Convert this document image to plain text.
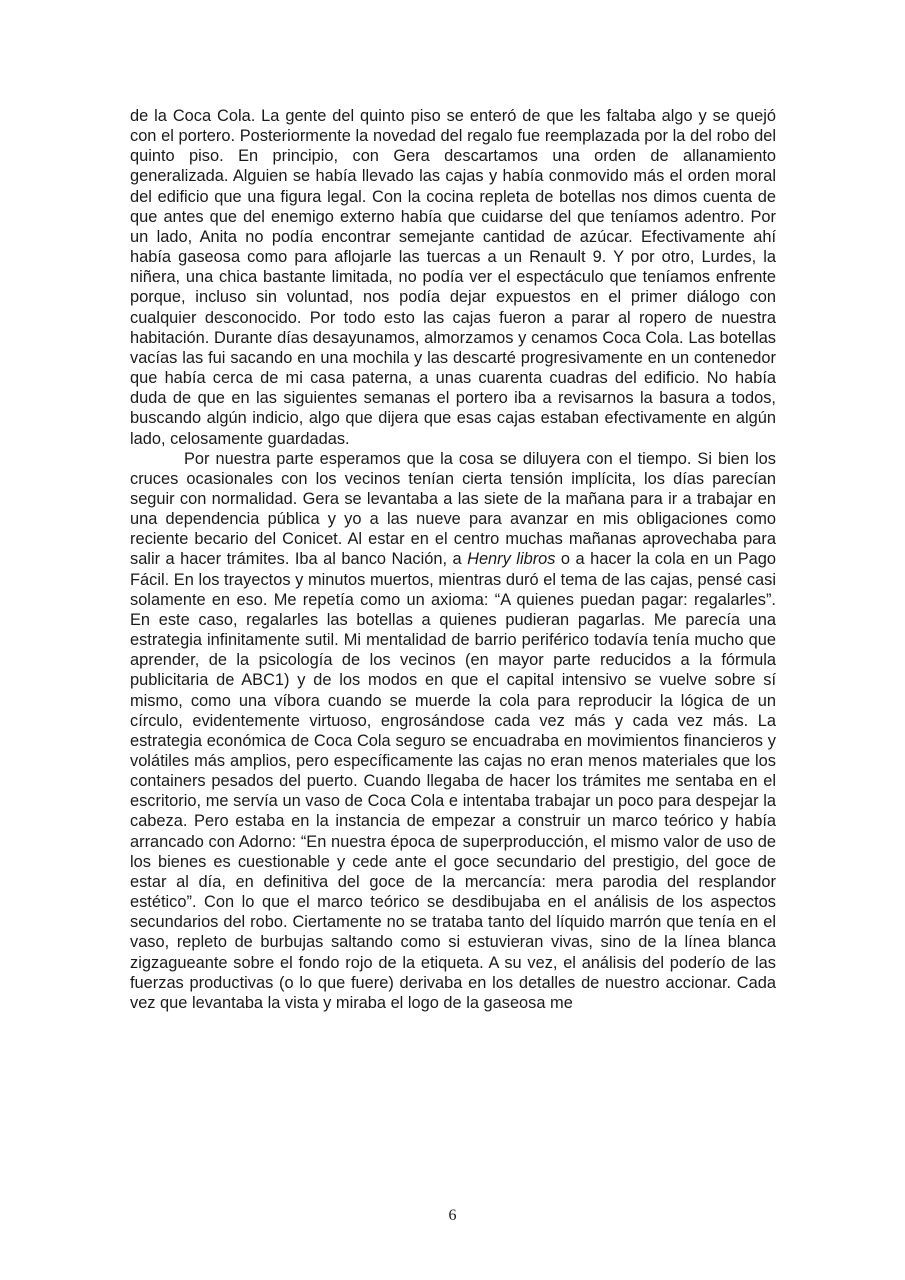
de la Coca Cola. La gente del quinto piso se enteró de que les faltaba algo y se quejó con el portero. Posteriormente la novedad del regalo fue reemplazada por la del robo del quinto piso. En principio, con Gera descartamos una orden de allanamiento generalizada. Alguien se había llevado las cajas y había conmovido más el orden moral del edificio que una figura legal. Con la cocina repleta de botellas nos dimos cuenta de que antes que del enemigo externo había que cuidarse del que teníamos adentro. Por un lado, Anita no podía encontrar semejante cantidad de azúcar. Efectivamente ahí había gaseosa como para aflojarle las tuercas a un Renault 9. Y por otro, Lurdes, la niñera, una chica bastante limitada, no podía ver el espectáculo que teníamos enfrente porque, incluso sin voluntad, nos podía dejar expuestos en el primer diálogo con cualquier desconocido. Por todo esto las cajas fueron a parar al ropero de nuestra habitación. Durante días desayunamos, almorzamos y cenamos Coca Cola. Las botellas vacías las fui sacando en una mochila y las descarté progresivamente en un contenedor que había cerca de mi casa paterna, a unas cuarenta cuadras del edificio. No había duda de que en las siguientes semanas el portero iba a revisarnos la basura a todos, buscando algún indicio, algo que dijera que esas cajas estaban efectivamente en algún lado, celosamente guardadas.

Por nuestra parte esperamos que la cosa se diluyera con el tiempo. Si bien los cruces ocasionales con los vecinos tenían cierta tensión implícita, los días parecían seguir con normalidad. Gera se levantaba a las siete de la mañana para ir a trabajar en una dependencia pública y yo a las nueve para avanzar en mis obligaciones como reciente becario del Conicet. Al estar en el centro muchas mañanas aprovechaba para salir a hacer trámites. Iba al banco Nación, a Henry libros o a hacer la cola en un Pago Fácil. En los trayectos y minutos muertos, mientras duró el tema de las cajas, pensé casi solamente en eso. Me repetía como un axioma: “A quienes puedan pagar: regalarles”. En este caso, regalarles las botellas a quienes pudieran pagarlas. Me parecía una estrategia infinitamente sutil. Mi mentalidad de barrio periférico todavía tenía mucho que aprender, de la psicología de los vecinos (en mayor parte reducidos a la fórmula publicitaria de ABC1) y de los modos en que el capital intensivo se vuelve sobre sí mismo, como una víbora cuando se muerde la cola para reproducir la lógica de un círculo, evidentemente virtuoso, engrosándose cada vez más y cada vez más. La estrategia económica de Coca Cola seguro se encuadraba en movimientos financieros y volátiles más amplios, pero específicamente las cajas no eran menos materiales que los containers pesados del puerto. Cuando llegaba de hacer los trámites me sentaba en el escritorio, me servía un vaso de Coca Cola e intentaba trabajar un poco para despejar la cabeza. Pero estaba en la instancia de empezar a construir un marco teórico y había arrancado con Adorno: “En nuestra época de superproducción, el mismo valor de uso de los bienes es cuestionable y cede ante el goce secundario del prestigio, del goce de estar al día, en definitiva del goce de la mercancía: mera parodia del resplandor estético”. Con lo que el marco teórico se desdibujaba en el análisis de los aspectos secundarios del robo. Ciertamente no se trataba tanto del líquido marrón que tenía en el vaso, repleto de burbujas saltando como si estuvieran vivas, sino de la línea blanca zigzagueante sobre el fondo rojo de la etiqueta. A su vez, el análisis del poderío de las fuerzas productivas (o lo que fuere) derivaba en los detalles de nuestro accionar. Cada vez que levantaba la vista y miraba el logo de la gaseosa me

6
